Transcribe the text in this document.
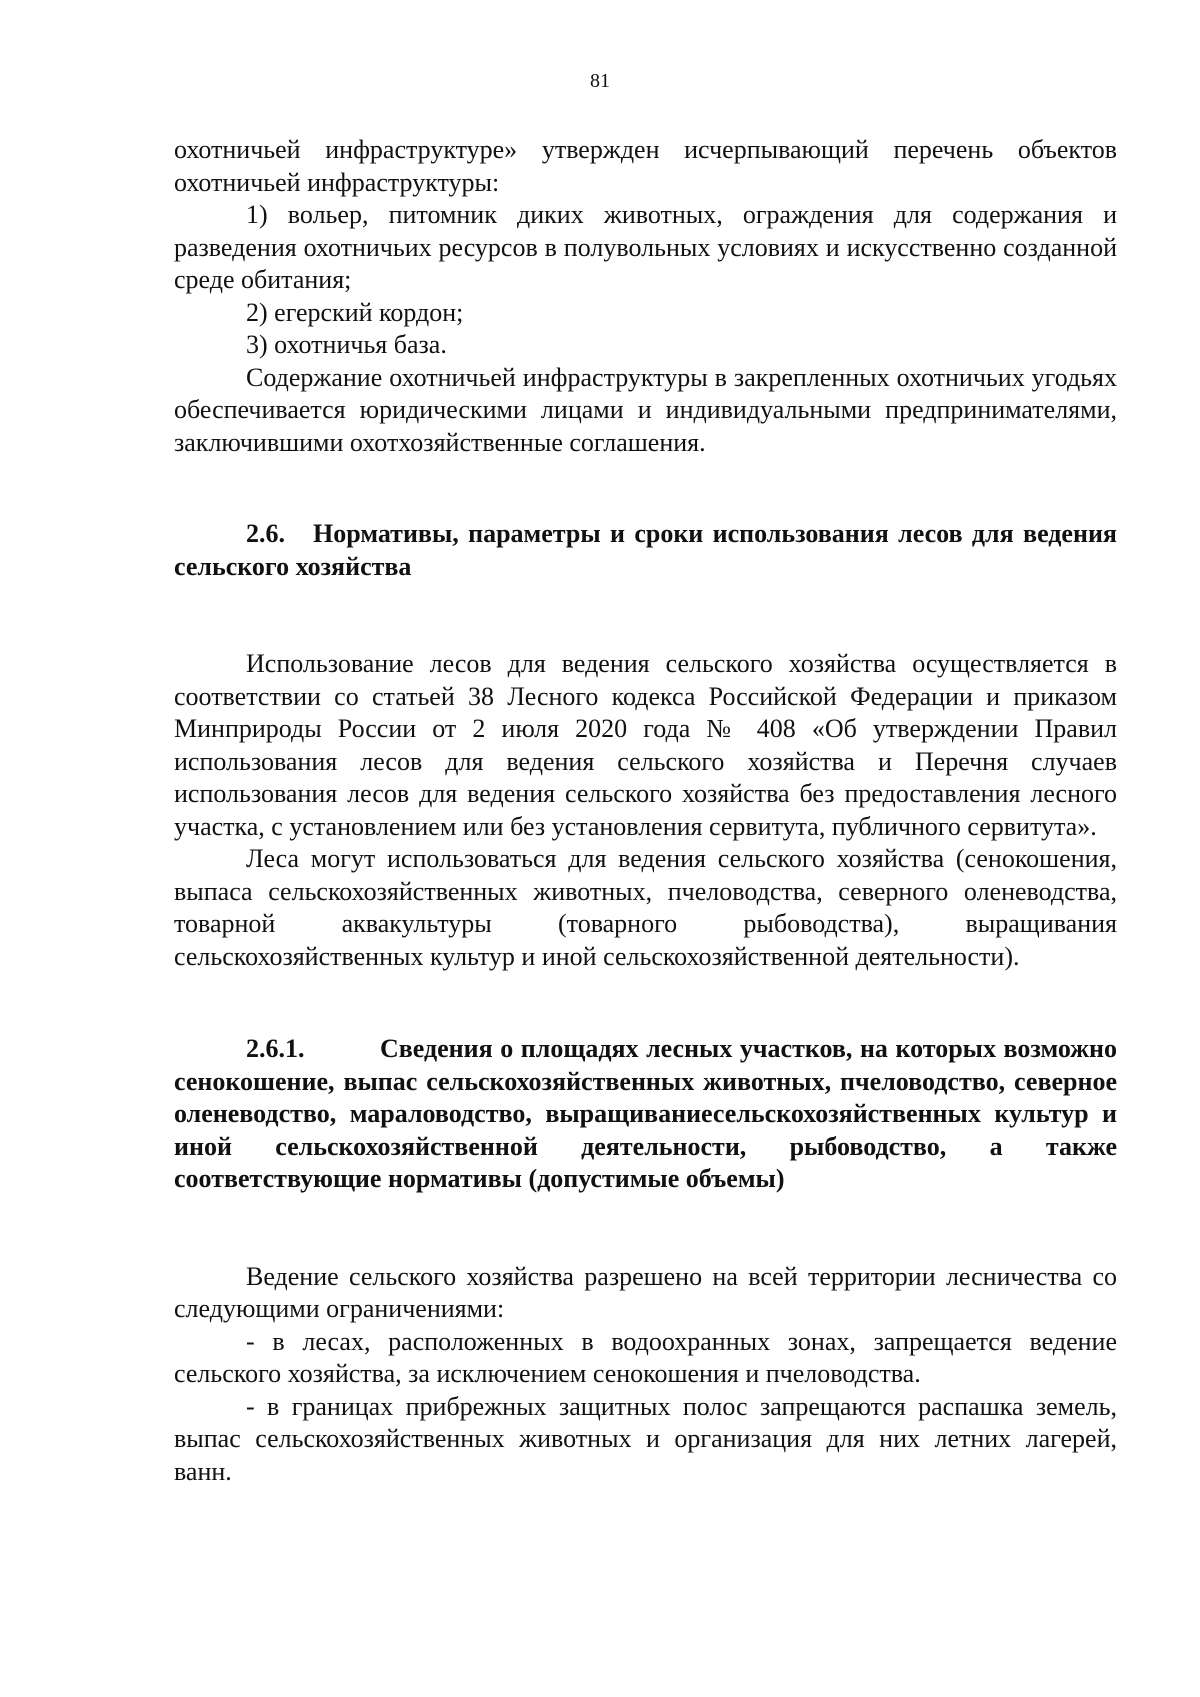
81

охотничьей инфраструктуре» утвержден исчерпывающий перечень объектов охотничьей инфраструктуры:

1) вольер, питомник диких животных, ограждения для содержания и разведения охотничьих ресурсов в полувольных условиях и искусственно созданной среде обитания;

2) егерский кордон;

3) охотничья база.

Содержание охотничьей инфраструктуры в закрепленных охотничьих угодьях обеспечивается юридическими лицами и индивидуальными предпринимателями, заключившими охотхозяйственные соглашения.

2.6. Нормативы, параметры и сроки использования лесов для ведения сельского хозяйства

Использование лесов для ведения сельского хозяйства осуществляется в соответствии со статьей 38 Лесного кодекса Российской Федерации и приказом Минприроды России от 2 июля 2020 года № 408 «Об утверждении Правил использования лесов для ведения сельского хозяйства и Перечня случаев использования лесов для ведения сельского хозяйства без предоставления лесного участка, с установлением или без установления сервитута, публичного сервитута».

Леса могут использоваться для ведения сельского хозяйства (сенокошения, выпаса сельскохозяйственных животных, пчеловодства, северного оленеводства, товарной аквакультуры (товарного рыбоводства), выращивания сельскохозяйственных культур и иной сельскохозяйственной деятельности).

2.6.1.	Сведения о площадях лесных участков, на которых возможно сенокошение, выпас сельскохозяйственных животных, пчеловодство, северное оленеводство, мараловодство, выращиваниесельскохозяйственных культур и иной сельскохозяйственной деятельности, рыбоводство, а также соответствующие нормативы (допустимые объемы)

Ведение сельского хозяйства разрешено на всей территории лесничества со следующими ограничениями:

- в лесах, расположенных в водоохранных зонах, запрещается ведение сельского хозяйства, за исключением сенокошения и пчеловодства.

- в границах прибрежных защитных полос запрещаются распашка земель, выпас сельскохозяйственных животных и организация для них летних лагерей, ванн.
